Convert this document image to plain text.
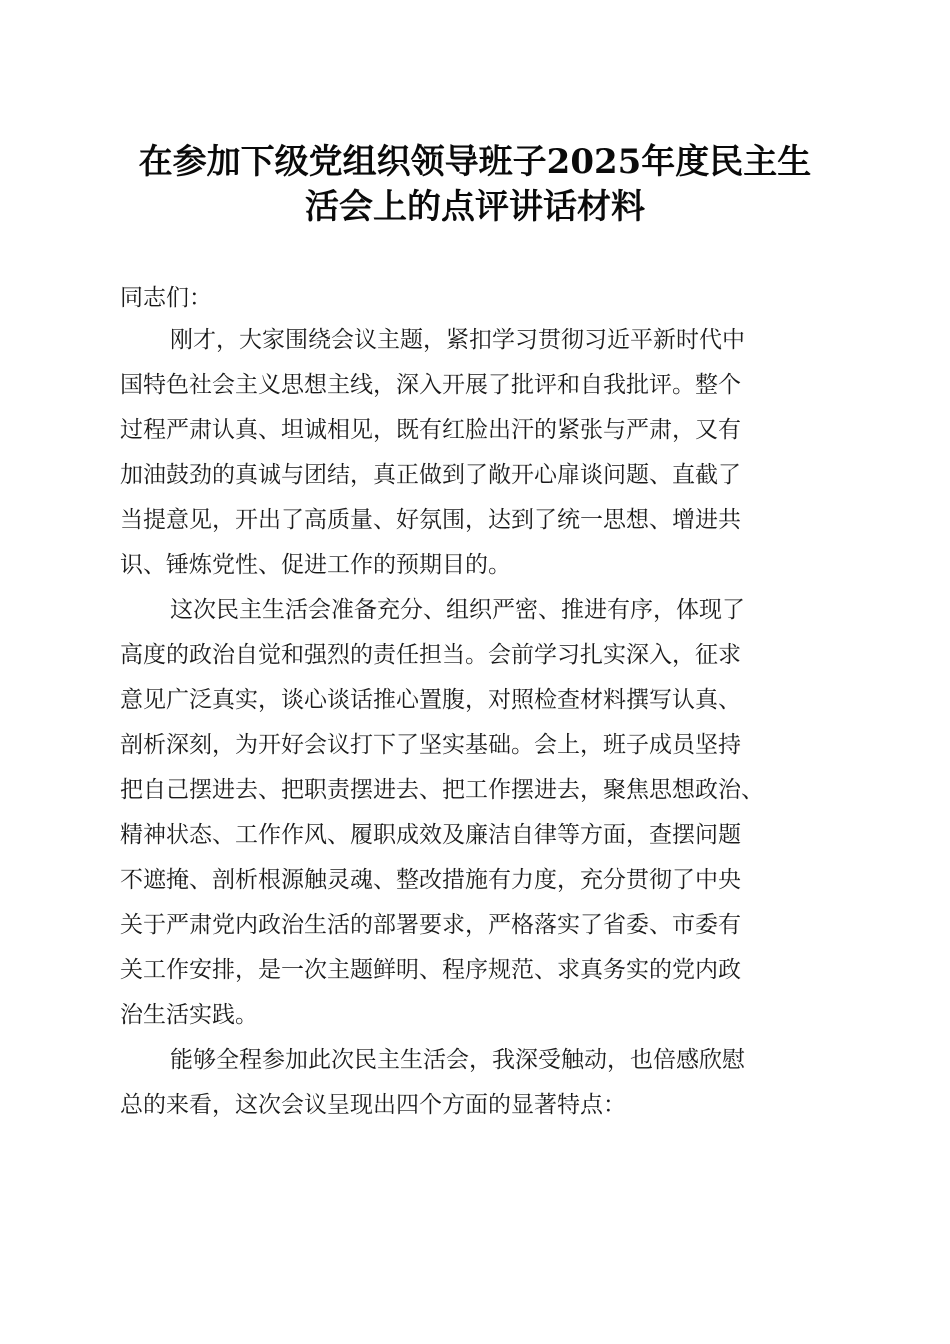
在参加下级党组织领导班子2025年度民主生
活会上的点评讲话材料
同志们：
刚才，大家围绕会议主题，紧扣学习贯彻习近平新时代中
国特色社会主义思想主线，深入开展了批评和自我批评。整个
过程严肃认真、坦诚相见，既有红脸出汗的紧张与严肃，又有
加油鼓劲的真诚与团结，真正做到了敞开心扉谈问题、直截了
当提意见，开出了高质量、好氛围，达到了统一思想、增进共
识、锤炼党性、促进工作的预期目的。
这次民主生活会准备充分、组织严密、推进有序，体现了
高度的政治自觉和强烈的责任担当。会前学习扎实深入，征求
意见广泛真实，谈心谈话推心置腹，对照检查材料撰写认真、
剖析深刻，为开好会议打下了坚实基础。会上，班子成员坚持
把自己摆进去、把职责摆进去、把工作摆进去，聚焦思想政治、
精神状态、工作作风、履职成效及廉洁自律等方面，查摆问题
不遮掩、剖析根源触灵魂、整改措施有力度，充分贯彻了中央
关于严肃党内政治生活的部署要求，严格落实了省委、市委有
关工作安排，是一次主题鲜明、程序规范、求真务实的党内政
治生活实践。
能够全程参加此次民主生活会，我深受触动，也倍感欣慰
总的来看，这次会议呈现出四个方面的显著特点：
